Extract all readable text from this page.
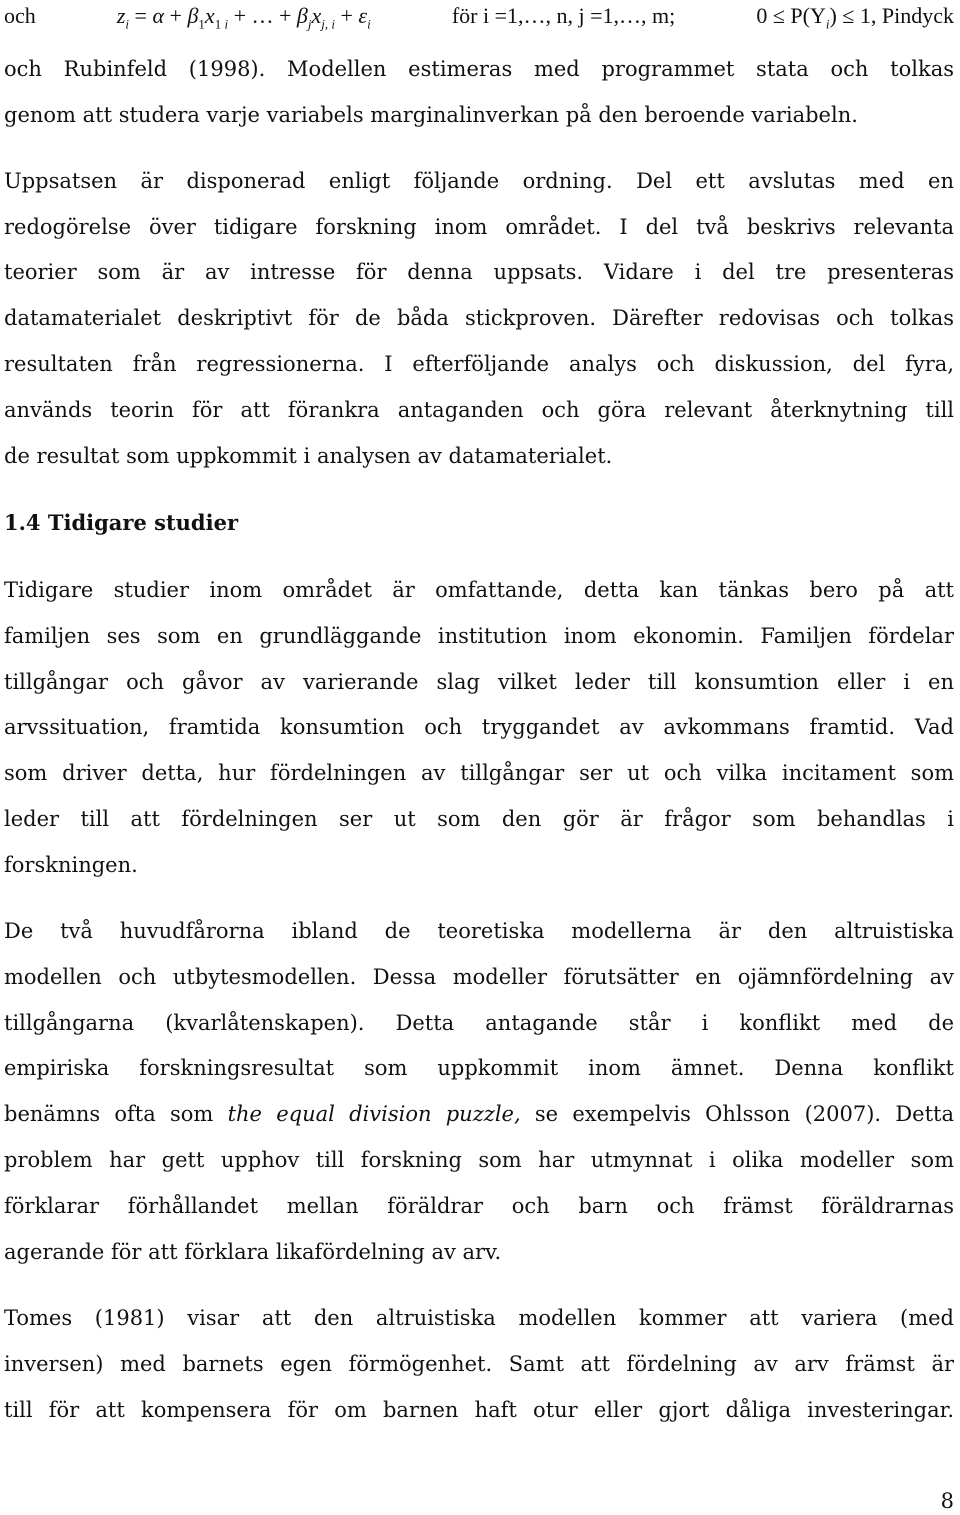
och	$z_i = \alpha + \beta_1x_{1 i}$ + … + $\beta_jx_{j, i} + \varepsilon_i$	för i =1,…, n, j =1,…, m;	$0 \le P(Y_i) \le 1$, Pindyck
och Rubinfeld (1998). Modellen estimeras med programmet stata och tolkas
genom att studera varje variabels marginalinverkan på den beroende variabeln.
Uppsatsen är disponerad enligt följande ordning. Del ett avslutas med en
redogörelse över tidigare forskning inom området. I del två beskrivs relevanta
teorier som är av intresse för denna uppsats. Vidare i del tre presenteras
datamaterialet deskriptivt för de båda stickproven. Därefter redovisas och tolkas
resultaten från regressionerna. I efterföljande analys och diskussion, del fyra,
används teorin för att förankra antaganden och göra relevant återknytning till
de resultat som uppkommit i analysen av datamaterialet.
1.4 Tidigare studier
Tidigare studier inom området är omfattande, detta kan tänkas bero på att
familjen ses som en grundläggande institution inom ekonomin. Familjen fördelar
tillgångar och gåvor av varierande slag vilket leder till konsumtion eller i en
arvssituation, framtida konsumtion och tryggandet av avkommans framtid. Vad
som driver detta, hur fördelningen av tillgångar ser ut och vilka incitament som
leder till att fördelningen ser ut som den gör är frågor som behandlas i
forskningen.
De två huvudfårorna ibland de teoretiska modellerna är den altruistiska
modellen och utbytesmodellen. Dessa modeller förutsätter en ojämnfördelning av
tillgångarna (kvarlåtenskapen). Detta antagande står i konflikt med de
empiriska forskningsresultat som uppkommit inom ämnet. Denna konflikt
benämns ofta som the equal division puzzle, se exempelvis Ohlsson (2007). Detta
problem har gett upphov till forskning som har utmynnat i olika modeller som
förklarar förhållandet mellan föräldrar och barn och främst föräldrarnas
agerande för att förklara likafördelning av arv.
Tomes (1981) visar att den altruistiska modellen kommer att variera (med
inversen) med barnets egen förmögenhet. Samt att fördelning av arv främst är
till för att kompensera för om barnen haft otur eller gjort dåliga investeringar.
8
